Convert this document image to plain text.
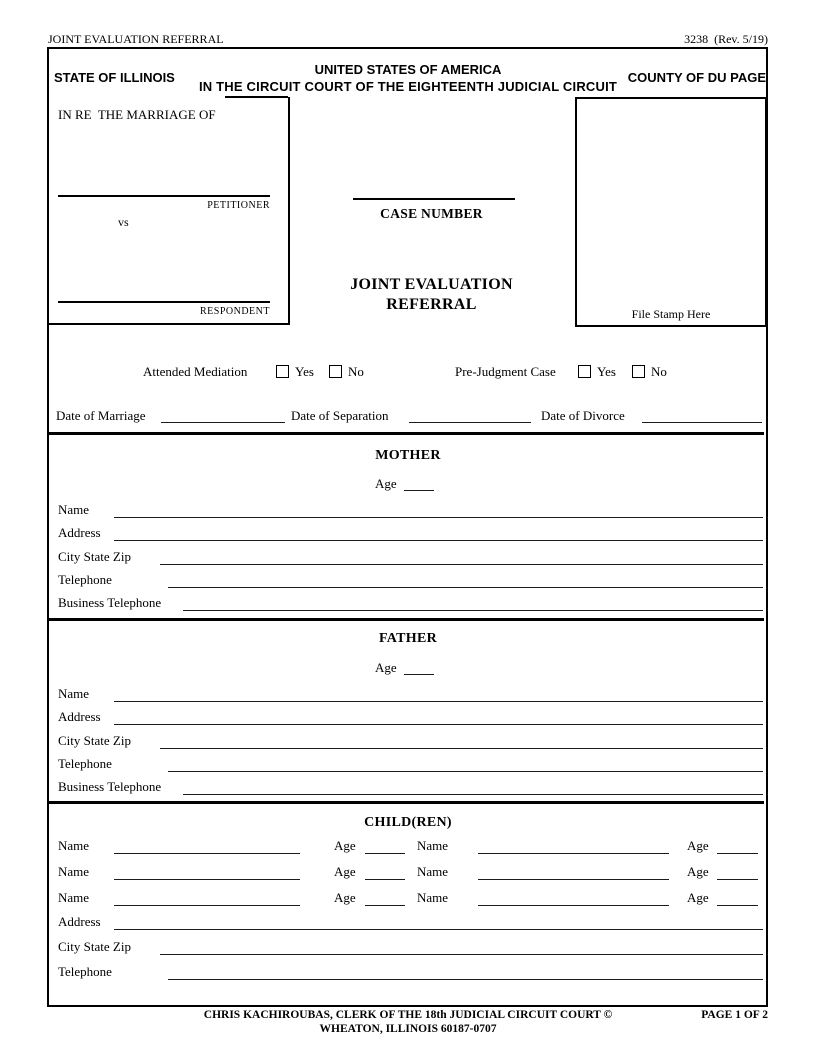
JOINT EVALUATION REFERRAL	3238  (Rev. 5/19)
STATE OF ILLINOIS
UNITED STATES OF AMERICA
IN THE CIRCUIT COURT OF THE EIGHTEENTH JUDICIAL CIRCUIT
COUNTY OF DU PAGE
IN RE  THE MARRIAGE OF
PETITIONER
vs
RESPONDENT
CASE NUMBER
JOINT EVALUATION
REFERRAL
File Stamp Here
Attended Mediation	Yes	No	Pre-Judgment Case	Yes	No
Date of Marriage	Date of Separation	Date of Divorce
MOTHER
Age
Name
Address
City State Zip
Telephone
Business Telephone
FATHER
Age
Name
Address
City State Zip
Telephone
Business Telephone
CHILD(REN)
Name	Age	Name	Age
Name	Age	Name	Age
Name	Age	Name	Age
Address
City State Zip
Telephone
CHRIS KACHIROUBAS, CLERK OF THE 18th JUDICIAL CIRCUIT COURT ©
WHEATON, ILLINOIS 60187-0707
PAGE 1 OF 2
